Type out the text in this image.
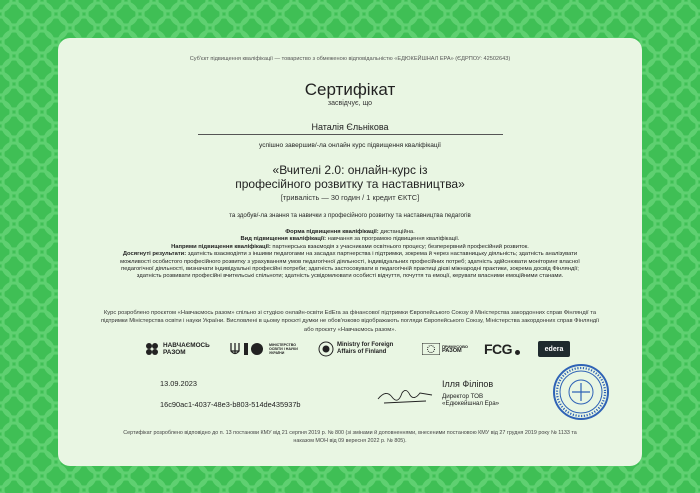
Суб'єкт підвищення кваліфікації — товариство з обмеженою відповідальністю «ЕДЮКЕЙШНАЛ ЕРА» (ЄДРПОУ: 42502643)
Сертифікат
засвідчує, що
Наталія Єльнікова
успішно завершив/-ла онлайн курс підвищення кваліфікації
«Вчителі 2.0: онлайн-курс із
професійного розвитку та наставництва»
[тривалість — 30 годин / 1 кредит ЄКТС]
та здобув/-ла знання та навички з професійного розвитку та наставництва педагогів
Форма підвищення кваліфікації: дистанційна.
Вид підвищення кваліфікації: навчання за програмою підвищення кваліфікації.
Напрями підвищення кваліфікації: партнерська взаємодія з учасниками освітнього процесу; безперервний професійний розвиток.
Досягнуті результати: здатність взаємодіяти з іншими педагогами на засадах партнерства і підтримки, зокрема й через наставницьку діяльність; здатність аналізувати можливості особистого професійного розвитку з урахуванням умов педагогічної діяльності, індивідуальних професійних потреб; здатність здійснювати моніторинг власної педагогічної діяльності, визначати індивідуальні професійні потреби; здатність застосовувати в педагогічній практиці дієві міжнародні практики, зокрема досвід Фінляндії; здатність розвивати професійні вчительські спільноти; здатність усвідомлювати особисті відчуття, почуття та емоції, керувати власними емоційними станами.
Курс розроблено проєктом «Навчаємось разом» спільно зі студією онлайн-освіти EdEra за фінансової підтримки Європейського Союзу й Міністерства закордонних справ Фінляндії та підтримки Міністерства освіти і науки України. Висловлені в цьому проєкті думки не обов'язково відображають погляди Європейського Союзу, Міністерства закордонних справ Фінляндії або проєкту «Навчаємось разом».
НАВЧАЄМОСЬ
РАЗОМ
МІНІСТЕРСТВО
ОСВІТИ І НАУКИ
УКРАЇНИ
Ministry for Foreign
Affairs of Finland
ПРИМУСОВО
РАЗОМ	FCG	edera
13.09.2023
16c90ac1-4037-48e3-b803-514de435937b
Ілля Філіпов
Директор ТОВ
«Едюкейшнал Ера»
Сертифікат розроблено відповідно до п. 13 постанови КМУ від 21 серпня 2019 р. № 800 (зі змінами й доповненнями, внесеними постановою КМУ від 27 грудня 2019 року № 1133 та наказом МОН від 09 вересня 2022 р. № 805).
